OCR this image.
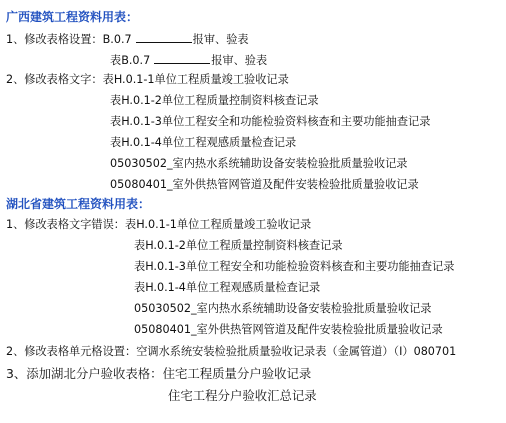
广西建筑工程资料用表：
1、修改表格设置：B.0.7	报审、验表
表B.0.7	报审、验表
2、修改表格文字：表H.0.1-1单位工程质量竣工验收记录
表H.0.1-2单位工程质量控制资料核查记录
表H.0.1-3单位工程安全和功能检验资料核查和主要功能抽查记录
表H.0.1-4单位工程观感质量检查记录
05030502_室内热水系统辅助设备安装检验批质量验收记录
05080401_室外供热管网管道及配件安装检验批质量验收记录
湖北省建筑工程资料用表：
1、修改表格文字错误：表H.0.1-1单位工程质量竣工验收记录
表H.0.1-2单位工程质量控制资料核查记录
表H.0.1-3单位工程安全和功能检验资料核查和主要功能抽查记录
表H.0.1-4单位工程观感质量检查记录
05030502_室内热水系统辅助设备安装检验批质量验收记录
05080401_室外供热管网管道及配件安装检验批质量验收记录
2、修改表格单元格设置：空调水系统安装检验批质量验收记录表（金属管道）（Ⅰ）080701
3、添加湖北分户验收表格：住宅工程质量分户验收记录
住宅工程分户验收汇总记录
